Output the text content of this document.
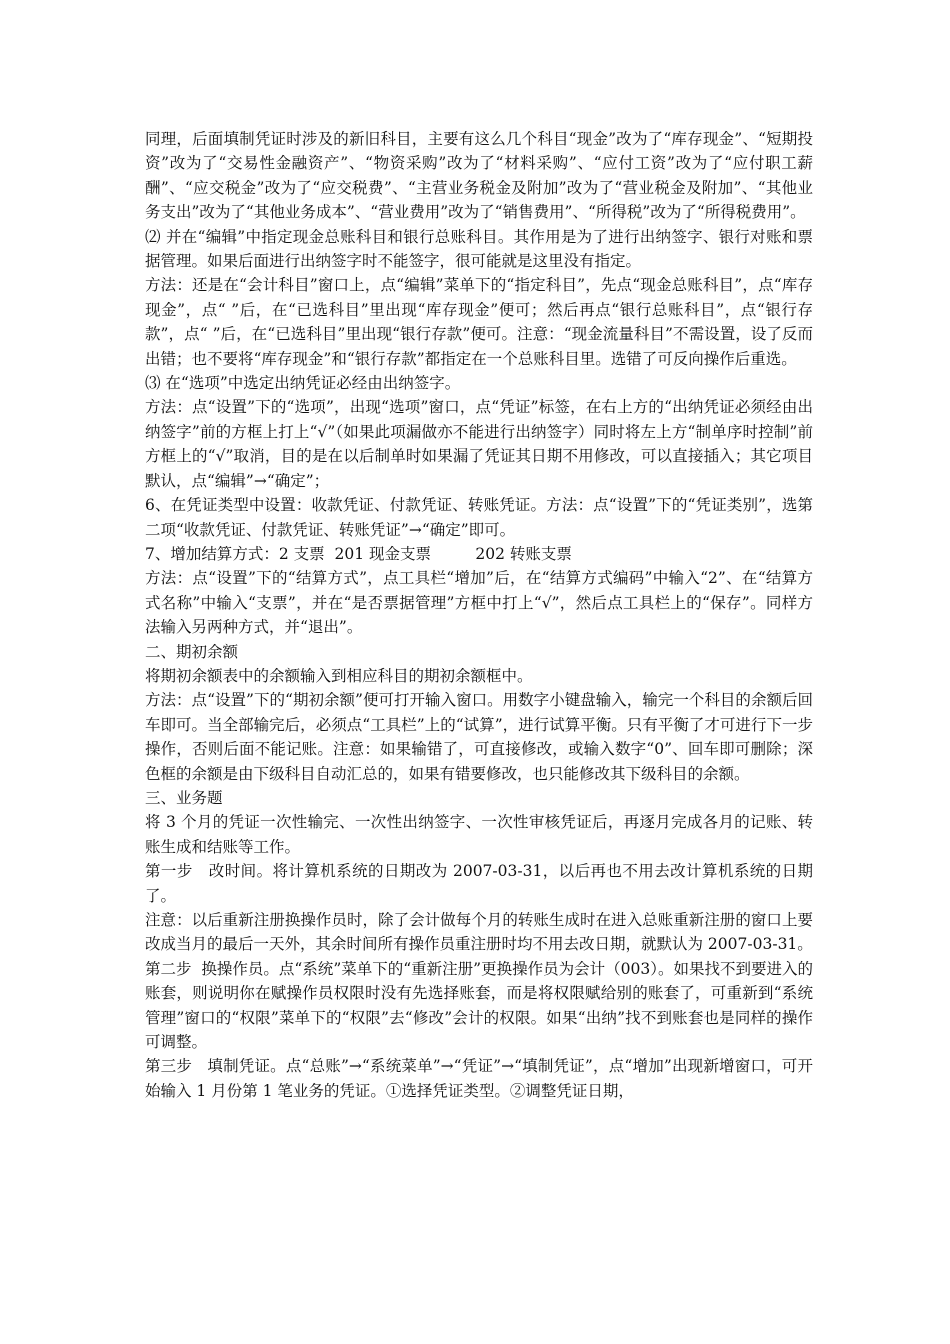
同理，后面填制凭证时涉及的新旧科目，主要有这么几个科目“现金”改为了“库存现金”、“短期投资”改为了“交易性金融资产”、“物资采购”改为了“材料采购”、“应付工资”改为了“应付职工薪酬”、“应交税金”改为了“应交税费”、“主营业务税金及附加”改为了“营业税金及附加”、“其他业务支出”改为了“其他业务成本”、“营业费用”改为了“销售费用”、“所得税”改为了“所得税费用”。

⑵ 并在“编辑”中指定现金总账科目和银行总账科目。其作用是为了进行出纳签字、银行对账和票据管理。如果后面进行出纳签字时不能签字，很可能就是这里没有指定。

方法：还是在“会计科目”窗口上，点“编辑”菜单下的“指定科目”，先点“现金总账科目”，点“库存现金”，点“ ”后，在“已选科目”里出现“库存现金”便可；然后再点“银行总账科目”，点“银行存款”，点“ ”后，在“已选科目”里出现“银行存款”便可。注意：“现金流量科目”不需设置，设了反而出错；也不要将“库存现金”和“银行存款”都指定在一个总账科目里。选错了可反向操作后重选。

⑶ 在“选项”中选定出纳凭证必经由出纳签字。

方法：点“设置”下的“选项”，出现“选项”窗口，点“凭证”标签，在右上方的“出纳凭证必须经由出纳签字”前的方框上打上“√”（如果此项漏做亦不能进行出纳签字）同时将左上方“制单序时控制”前方框上的“√”取消，目的是在以后制单时如果漏了凭证其日期不用修改，可以直接插入；其它项目默认，点“编辑”→“确定”；

6、在凭证类型中设置：收款凭证、付款凭证、转账凭证。方法：点“设置”下的“凭证类别”，选第二项“收款凭证、付款凭证、转账凭证”→“确定”即可。

7、增加结算方式：2 支票  201 现金支票         202 转账支票

方法：点“设置”下的“结算方式”，点工具栏“增加”后，在“结算方式编码”中输入“2”、在“结算方式名称”中输入“支票”，并在“是否票据管理”方框中打上“√”，然后点工具栏上的“保存”。同样方法输入另两种方式，并“退出”。

二、期初余额

将期初余额表中的余额输入到相应科目的期初余额框中。

方法：点“设置”下的“期初余额”便可打开输入窗口。用数字小键盘输入，输完一个科目的余额后回车即可。当全部输完后，必须点“工具栏”上的“试算”，进行试算平衡。只有平衡了才可进行下一步操作，否则后面不能记账。注意：如果输错了，可直接修改，或输入数字“0”、回车即可删除；深色框的余额是由下级科目自动汇总的，如果有错要修改，也只能修改其下级科目的余额。

三、业务题

将 3 个月的凭证一次性输完、一次性出纳签字、一次性审核凭证后，再逐月完成各月的记账、转账生成和结账等工作。

第一步   改时间。将计算机系统的日期改为 2007-03-31，以后再也不用去改计算机系统的日期了。

注意：以后重新注册换操作员时，除了会计做每个月的转账生成时在进入总账重新注册的窗口上要改成当月的最后一天外，其余时间所有操作员重注册时均不用去改日期，就默认为 2007-03-31。

第二步  换操作员。点“系统”菜单下的“重新注册”更换操作员为会计（003）。如果找不到要进入的账套，则说明你在赋操作员权限时没有先选择账套，而是将权限赋给别的账套了，可重新到“系统管理”窗口的“权限”菜单下的“权限”去“修改”会计的权限。如果“出纳”找不到账套也是同样的操作可调整。

第三步   填制凭证。点“总账”→“系统菜单”→“凭证”→“填制凭证”，点“增加”出现新增窗口，可开始输入 1 月份第 1 笔业务的凭证。①选择凭证类型。②调整凭证日期，
